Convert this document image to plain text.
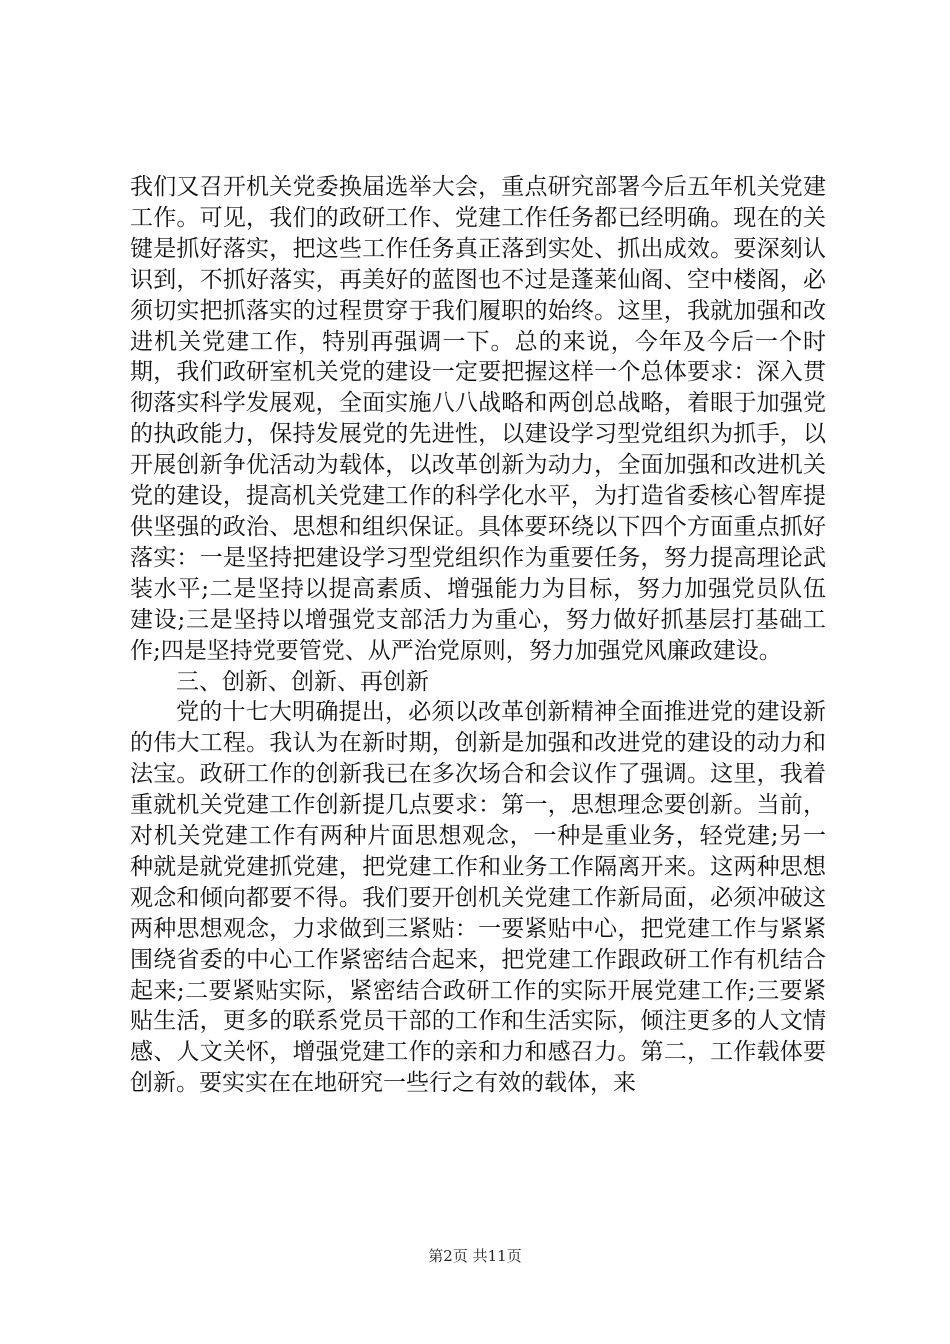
我们又召开机关党委换届选举大会，重点研究部署今后五年机关党建工作。可见，我们的政研工作、党建工作任务都已经明确。现在的关键是抓好落实，把这些工作任务真正落到实处、抓出成效。要深刻认识到，不抓好落实，再美好的蓝图也不过是蓬莱仙阁、空中楼阁，必须切实把抓落实的过程贯穿于我们履职的始终。这里，我就加强和改进机关党建工作，特别再强调一下。总的来说，今年及今后一个时期，我们政研室机关党的建设一定要把握这样一个总体要求：深入贯彻落实科学发展观，全面实施八八战略和两创总战略，着眼于加强党的执政能力，保持发展党的先进性，以建设学习型党组织为抓手，以开展创新争优活动为载体，以改革创新为动力，全面加强和改进机关党的建设，提高机关党建工作的科学化水平，为打造省委核心智库提供坚强的政治、思想和组织保证。具体要环绕以下四个方面重点抓好落实：一是坚持把建设学习型党组织作为重要任务，努力提高理论武装水平;二是坚持以提高素质、增强能力为目标，努力加强党员队伍建设;三是坚持以增强党支部活力为重心，努力做好抓基层打基础工作;四是坚持党要管党、从严治党原则，努力加强党风廉政建设。

三、创新、创新、再创新

党的十七大明确提出，必须以改革创新精神全面推进党的建设新的伟大工程。我认为在新时期，创新是加强和改进党的建设的动力和法宝。政研工作的创新我已在多次场合和会议作了强调。这里，我着重就机关党建工作创新提几点要求：第一，思想理念要创新。当前，对机关党建工作有两种片面思想观念，一种是重业务，轻党建;另一种就是就党建抓党建，把党建工作和业务工作隔离开来。这两种思想观念和倾向都要不得。我们要开创机关党建工作新局面，必须冲破这两种思想观念，力求做到三紧贴：一要紧贴中心，把党建工作与紧紧围绕省委的中心工作紧密结合起来，把党建工作跟政研工作有机结合起来;二要紧贴实际，紧密结合政研工作的实际开展党建工作;三要紧贴生活，更多的联系党员干部的工作和生活实际，倾注更多的人文情感、人文关怀，增强党建工作的亲和力和感召力。第二，工作载体要创新。要实实在在地研究一些行之有效的载体，来

第2页 共11页
